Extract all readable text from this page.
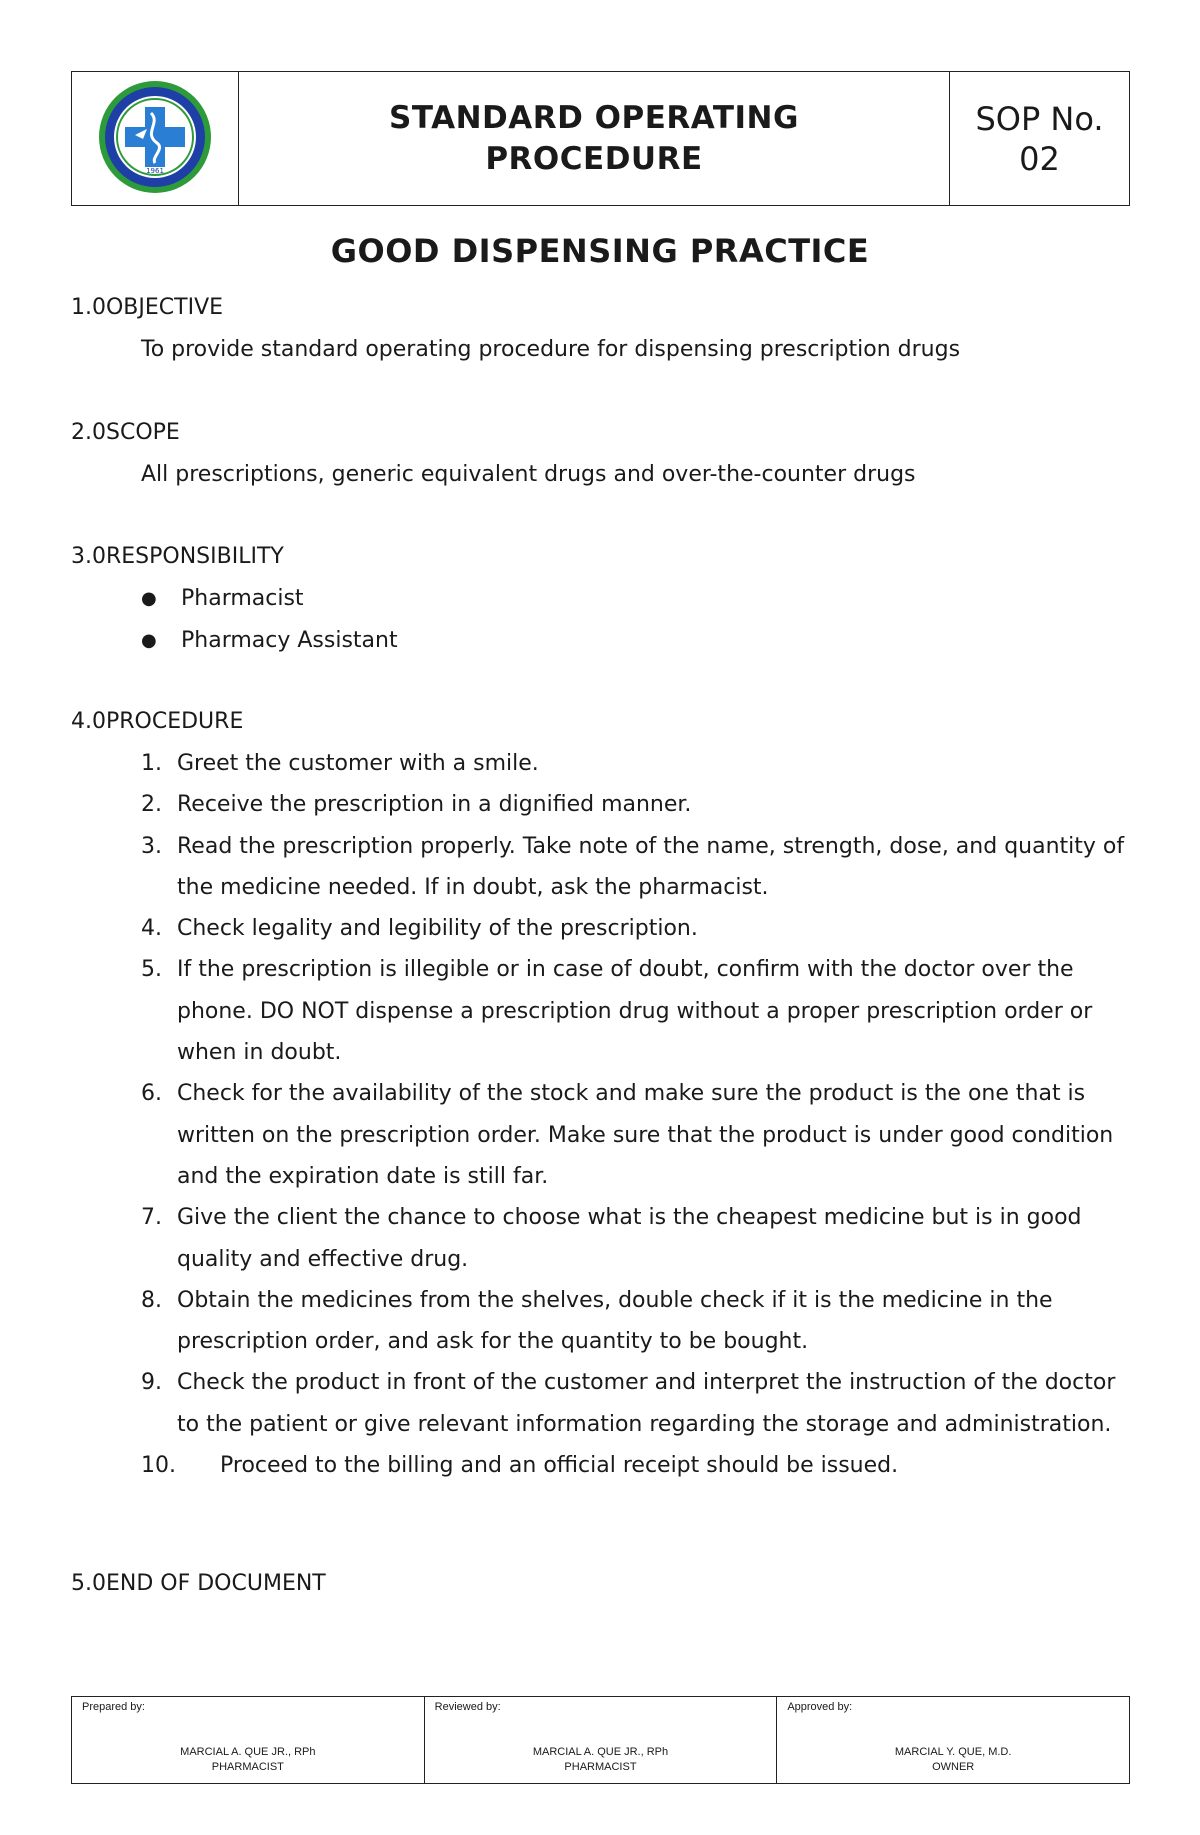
1961

STANDARD OPERATING
PROCEDURE

SOP No.
02
GOOD DISPENSING PRACTICE
1.0OBJECTIVE
To provide standard operating procedure for dispensing prescription drugs
2.0SCOPE
All prescriptions, generic equivalent drugs and over-the-counter drugs
3.0RESPONSIBILITY
● Pharmacist
● Pharmacy Assistant
4.0PROCEDURE
1. Greet the customer with a smile.
2. Receive the prescription in a dignified manner.
3. Read the prescription properly. Take note of the name, strength, dose, and quantity of the medicine needed. If in doubt, ask the pharmacist.
4. Check legality and legibility of the prescription.
5. If the prescription is illegible or in case of doubt, confirm with the doctor over the phone. DO NOT dispense a prescription drug without a proper prescription order or when in doubt.
6. Check for the availability of the stock and make sure the product is the one that is written on the prescription order. Make sure that the product is under good condition and the expiration date is still far.
7. Give the client the chance to choose what is the cheapest medicine but is in good quality and effective drug.
8. Obtain the medicines from the shelves, double check if it is the medicine in the prescription order, and ask for the quantity to be bought.
9. Check the product in front of the customer and interpret the instruction of the doctor to the patient or give relevant information regarding the storage and administration.
10. Proceed to the billing and an official receipt should be issued.
5.0END OF DOCUMENT
Prepared by:
MARCIAL A. QUE JR., RPh
PHARMACIST

Reviewed by:
MARCIAL A. QUE JR., RPh
PHARMACIST

Approved by:
MARCIAL Y. QUE, M.D.
OWNER
